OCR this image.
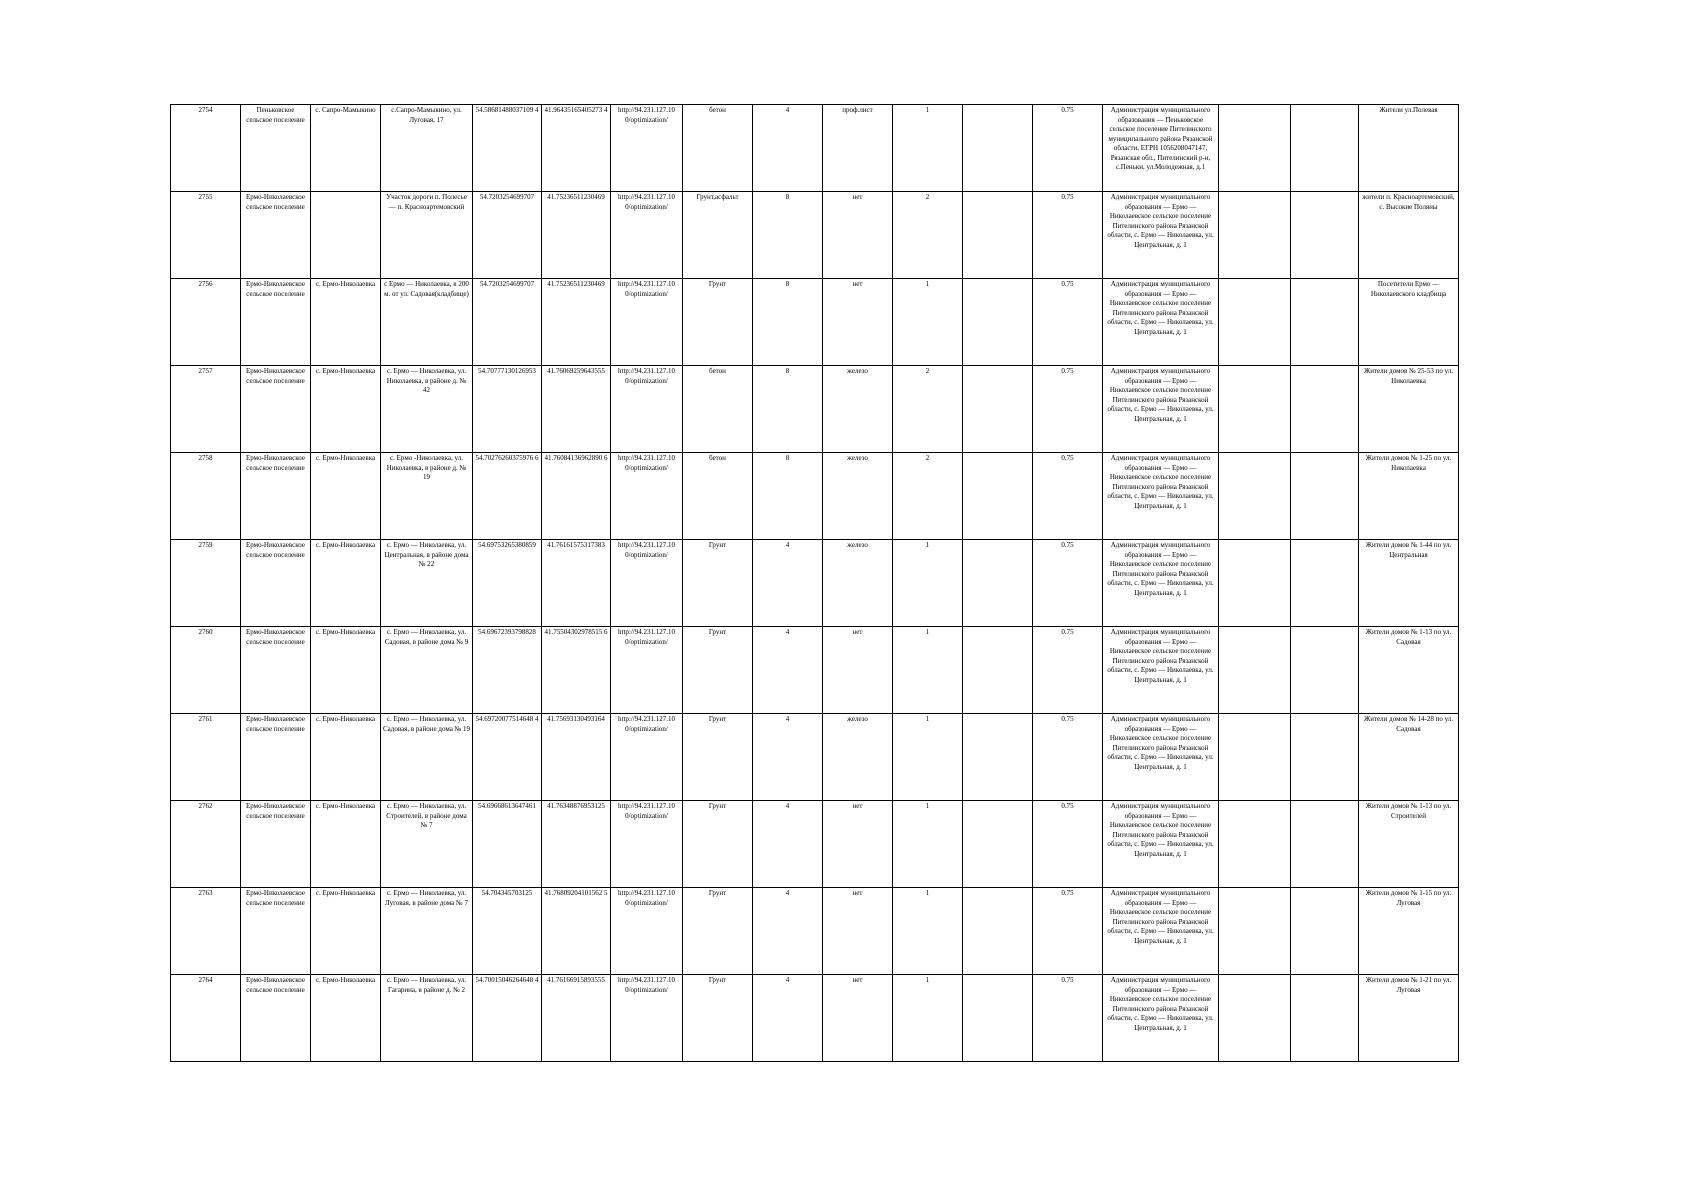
2754	Пеньковское сельское поселение	с. Сапро-Мамыкино	с.Сапро-Мамыкино, ул. Луговая, 17	54.58681488037109 4	41.96435165405273 4	http://94.231.127.10 0/optimization/	бетон	4	проф.лист	1		0.75	Администрация муниципального образования — Пеньковское сельское поселение Пителинского муниципального района Рязанской области, ЕГРН 1056208047147, Рязанская обл., Пителинский р-н, с.Пеньки, ул.Молодежная, д.1			Жители ул.Полевая
2755	Ермо-Николаевское сельское поселение		Участок дороги п. Полесье — п. Красноартемовский	54.7203254699707	41.75236511230469	http://94.231.127.10 0/optimization/	Грунт,асфальт	8	нет	2		0.75	Администрация муниципального образования — Ермо — Николаевское сельское поселение Пителинского района Рязанской области, с. Ермо — Николаевка, ул. Центральная, д. 1			жители п. Красноартемовский, с. Высокие Поляны
2756	Ермо-Николаевское сельское поселение	с. Ермо-Николаевка	с Ермо — Николаевка, в 200 м. от ул. Садовая(кладбище)	54.7203254699707	41.75236511230469	http://94.231.127.10 0/optimization/	Грунт	8	нет	1		0.75	Администрация муниципального образования — Ермо — Николаевское сельское поселение Пителинского района Рязанской области, с. Ермо — Николаевка, ул. Центральная, д. 1			Посетители Ермо — Николаевского кладбища
2757	Ермо-Николаевское сельское поселение	с. Ермо-Николаевка	с. Ермо — Николаевка, ул. Николаевка, в районе д. № 42	54.70777130126953	41.76069259643555	http://94.231.127.10 0/optimization/	бетон	8	железо	2		0.75	Администрация муниципального образования — Ермо — Николаевское сельское поселение Пителинского района Рязанской области, с. Ермо — Николаевка, ул. Центральная, д. 1			Жители домов № 25-53 по ул. Николаевка
2758	Ермо-Николаевское сельское поселение	с. Ермо-Николаевка	с. Ермо -Николаевка, ул. Николаевка, в районе д. № 19	54.70276260375976 6	41.76084136962890 6	http://94.231.127.10 0/optimization/	бетон	8	железо	2		0.75	Администрация муниципального образования — Ермо — Николаевское сельское поселение Пителинского района Рязанской области, с. Ермо — Николаевка, ул. Центральная, д. 1			Жители домов № 1-25 по ул. Николаевка
2759	Ермо-Николаевское сельское поселение	с. Ермо-Николаевка	с. Ермо — Николаевка, ул. Центральная, в районе дома № 22	54.69753265380859	41.76161575317383	http://94.231.127.10 0/optimization/	Грунт	4	железо	1		0.75	Администрация муниципального образования — Ермо — Николаевское сельское поселение Пителинского района Рязанской области, с. Ермо — Николаевка, ул. Центральная, д. 1			Жители домов № 1-44 по ул. Центральная
2760	Ермо-Николаевское сельское поселение	с. Ермо-Николаевка	с. Ермо — Николаевка, ул. Садовая, в районе дома № 9	54.69672393798828	41.75504302978515 6	http://94.231.127.10 0/optimization/	Грунт	4	нет	1		0.75	Администрация муниципального образования — Ермо — Николаевское сельское поселение Пителинского района Рязанской области, с. Ермо — Николаевка, ул. Центральная, д. 1			Жители домов № 1-13 по ул. Садовая
2761	Ермо-Николаевское сельское поселение	с. Ермо-Николаевка	с. Ермо — Николаевка, ул. Садовая, в районе дома № 19	54.69720077514648 4	41.75693130493164	http://94.231.127.10 0/optimization/	Грунт	4	железо	1		0.75	Администрация муниципального образования — Ермо — Николаевское сельское поселение Пителинского района Рязанской области, с. Ермо — Николаевка, ул. Центральная, д. 1			Жители домов № 14-28 по ул. Садовая
2762	Ермо-Николаевское сельское поселение	с. Ермо-Николаевка	с. Ермо — Николаевка, ул. Строителей, в районе дома № 7	54.69668613647461	41.76348876953125	http://94.231.127.10 0/optimization/	Грунт	4	нет	1		0.75	Администрация муниципального образования — Ермо — Николаевское сельское поселение Пителинского района Рязанской области, с. Ермо — Николаевка, ул. Центральная, д. 1			Жители домов № 1-13 по ул. Строителей
2763	Ермо-Николаевское сельское поселение	с. Ермо-Николаевка	с. Ермо — Николаевка, ул. Луговая, в районе дома № 7	54.704345703125	41.76809204101562 5	http://94.231.127.10 0/optimization/	Грунт	4	нет	1		0.75	Администрация муниципального образования — Ермо — Николаевское сельское поселение Пителинского района Рязанской области, с. Ермо — Николаевка, ул. Центральная, д. 1			Жители домов № 1-15 по ул. Луговая
2764	Ермо-Николаевское сельское поселение	с. Ермо-Николаевка	с. Ермо — Николаевка, ул. Гагарина, в районе д. № 2	54.70015046264648 4	41.76166915893555	http://94.231.127.10 0/optimization/	Грунт	4	нет	1		0.75	Администрация муниципального образования — Ермо — Николаевское сельское поселение Пителинского района Рязанской области, с. Ермо — Николаевка, ул. Центральная, д. 1			Жители домов № 1-21 по ул. Луговая
